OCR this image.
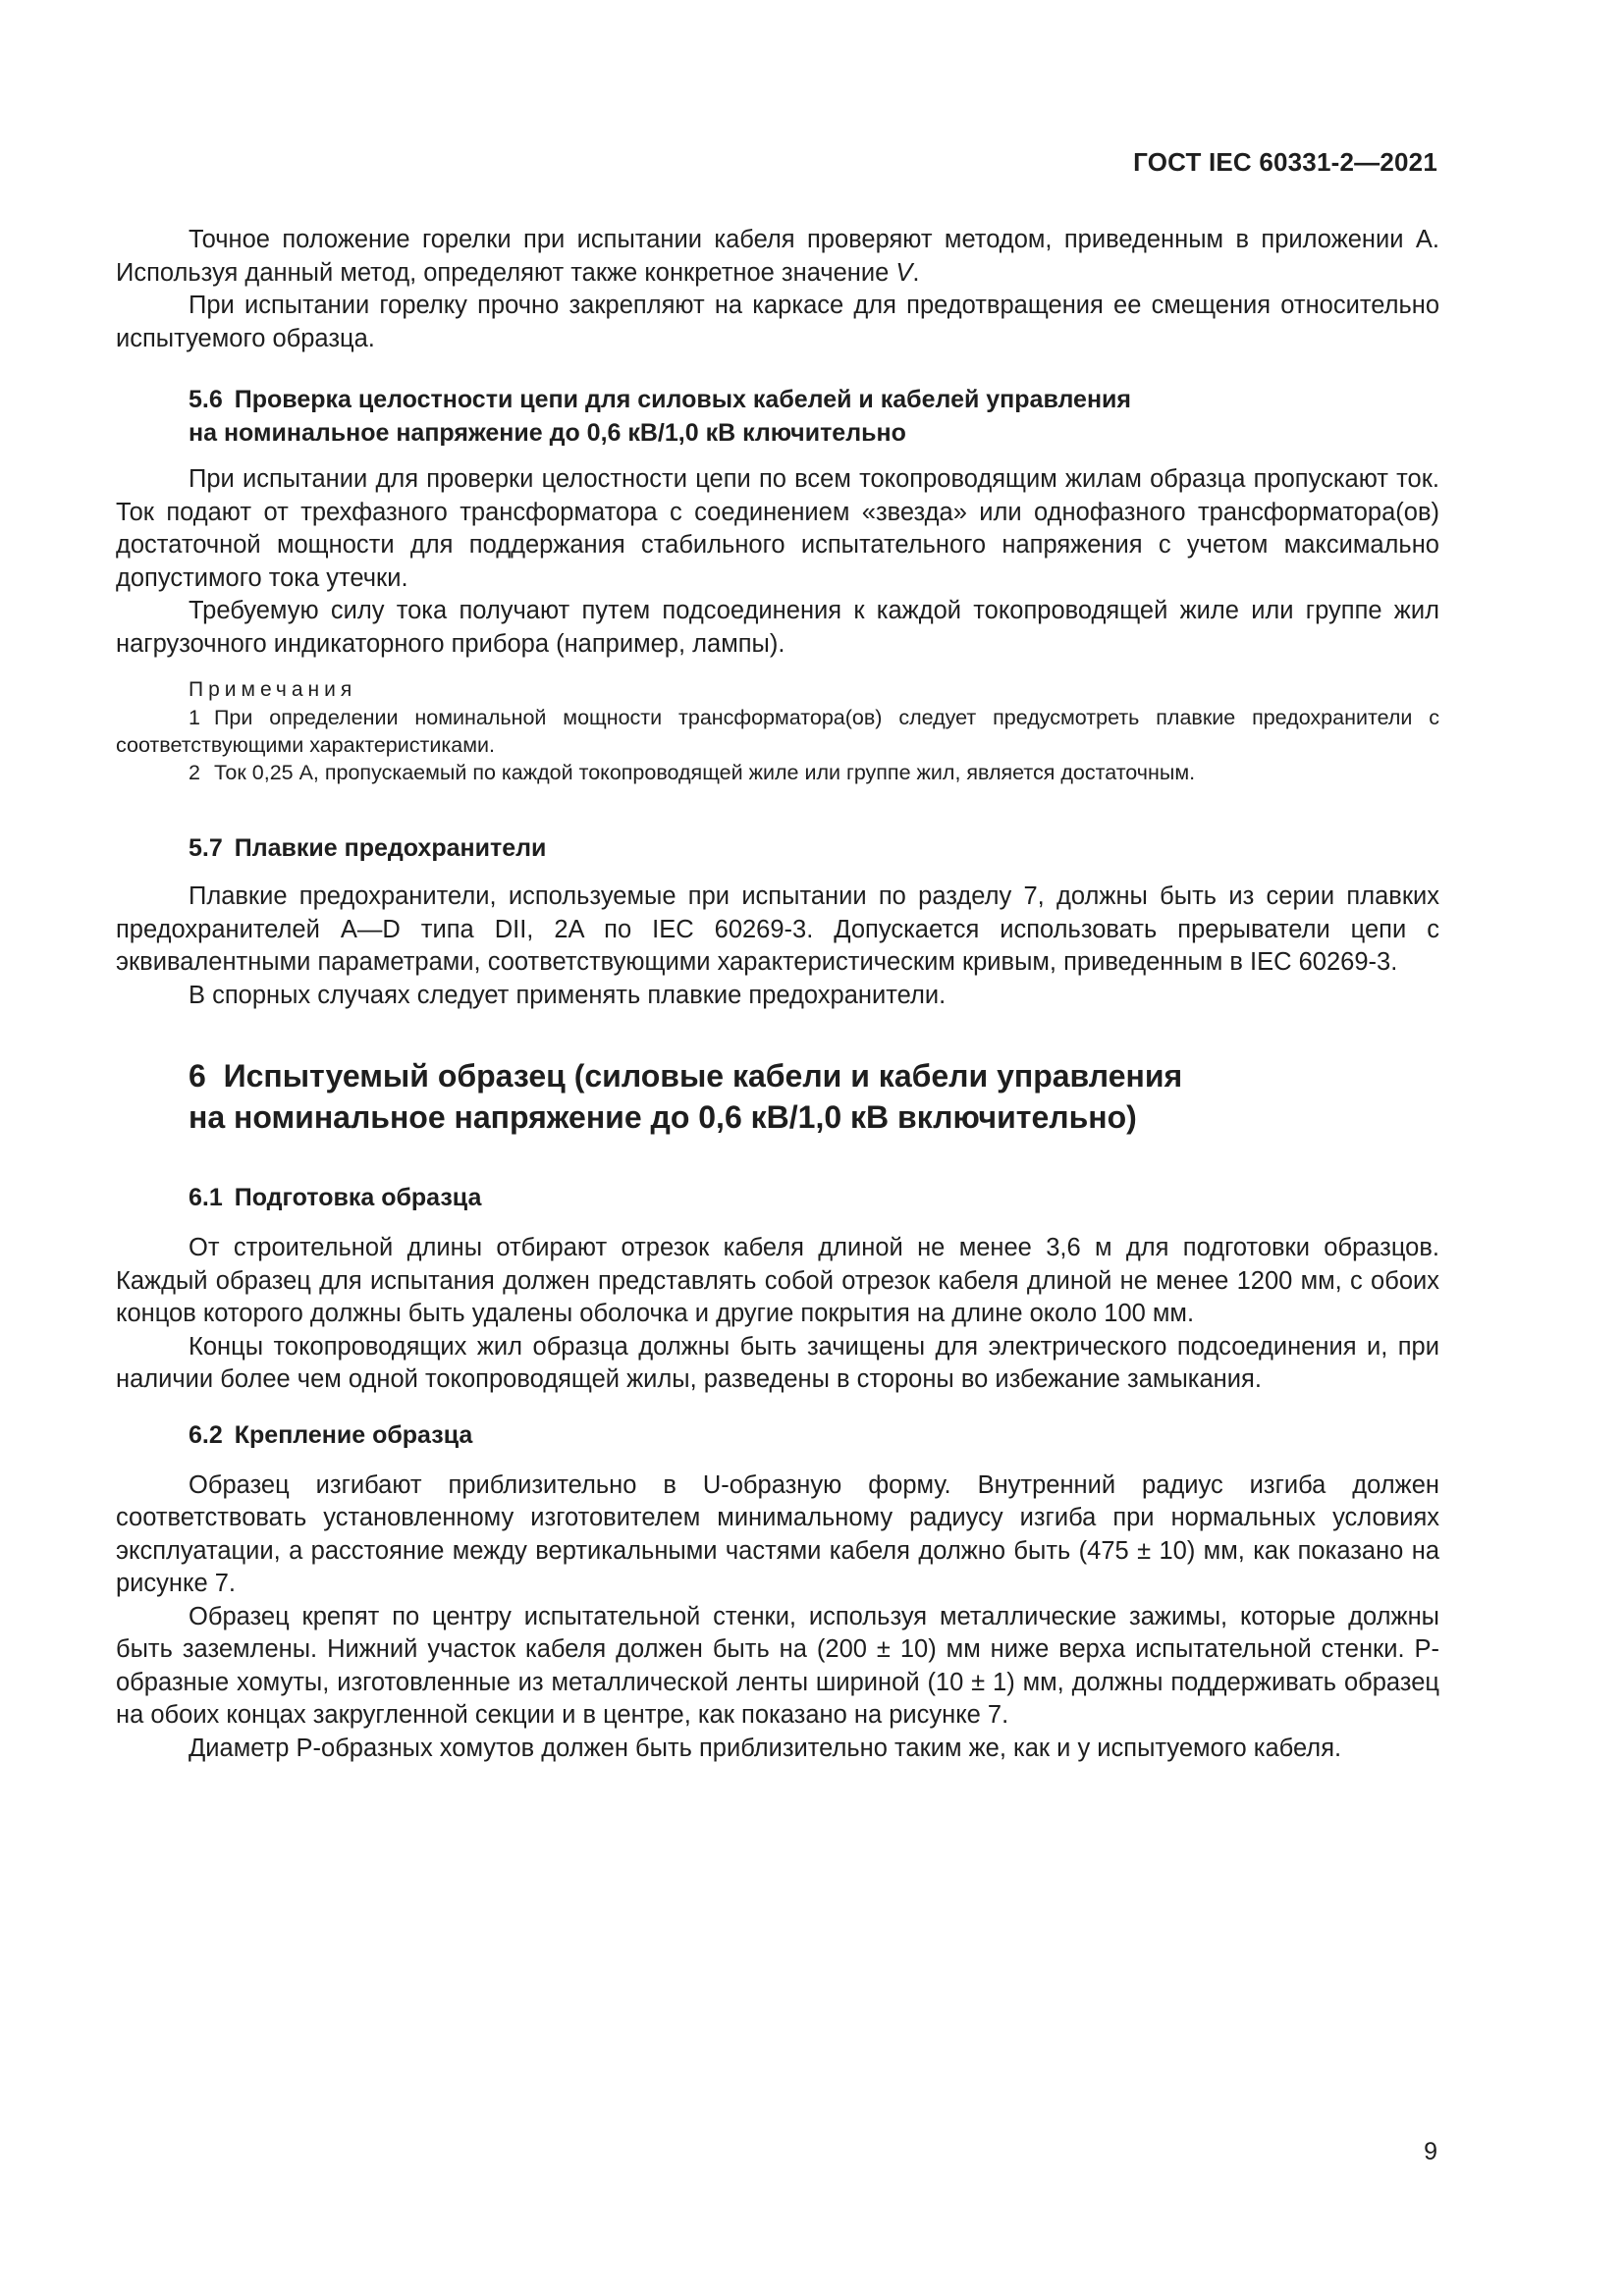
ГОСТ IEC 60331-2—2021

Точное положение горелки при испытании кабеля проверяют методом, приведенным в приложении А. Используя данный метод, определяют также конкретное значение V.

При испытании горелку прочно закрепляют на каркасе для предотвращения ее смещения относительно испытуемого образца.

5.6 Проверка целостности цепи для силовых кабелей и кабелей управления
на номинальное напряжение до 0,6 кВ/1,0 кВ ключительно

При испытании для проверки целостности цепи по всем токопроводящим жилам образца пропускают ток. Ток подают от трехфазного трансформатора с соединением «звезда» или однофазного трансформатора(ов) достаточной мощности для поддержания стабильного испытательного напряжения с учетом максимально допустимого тока утечки.

Требуемую силу тока получают путем подсоединения к каждой токопроводящей жиле или группе жил нагрузочного индикаторного прибора (например, лампы).

Примечания

1 При определении номинальной мощности трансформатора(ов) следует предусмотреть плавкие предохранители с соответствующими характеристиками.

2 Ток 0,25 А, пропускаемый по каждой токопроводящей жиле или группе жил, является достаточным.

5.7 Плавкие предохранители

Плавкие предохранители, используемые при испытании по разделу 7, должны быть из серии плавких предохранителей A—D типа DII, 2A по IEC 60269-3. Допускается использовать прерыватели цепи с эквивалентными параметрами, соответствующими характеристическим кривым, приведенным в IEC 60269-3.

В спорных случаях следует применять плавкие предохранители.

6 Испытуемый образец (силовые кабели и кабели управления
на номинальное напряжение до 0,6 кВ/1,0 кВ включительно)
6.1 Подготовка образца

От строительной длины отбирают отрезок кабеля длиной не менее 3,6 м для подготовки образцов. Каждый образец для испытания должен представлять собой отрезок кабеля длиной не менее 1200 мм, с обоих концов которого должны быть удалены оболочка и другие покрытия на длине около 100 мм.

Концы токопроводящих жил образца должны быть зачищены для электрического подсоединения и, при наличии более чем одной токопроводящей жилы, разведены в стороны во избежание замыкания.

6.2 Крепление образца

Образец изгибают приблизительно в U-образную форму. Внутренний радиус изгиба должен соответствовать установленному изготовителем минимальному радиусу изгиба при нормальных условиях эксплуатации, а расстояние между вертикальными частями кабеля должно быть (475 ± 10) мм, как показано на рисунке 7.

Образец крепят по центру испытательной стенки, используя металлические зажимы, которые должны быть заземлены. Нижний участок кабеля должен быть на (200 ± 10) мм ниже верха испытательной стенки. Р-образные хомуты, изготовленные из металлической ленты шириной (10 ± 1) мм, должны поддерживать образец на обоих концах закругленной секции и в центре, как показано на рисунке 7.

Диаметр Р-образных хомутов должен быть приблизительно таким же, как и у испытуемого кабеля.

9
